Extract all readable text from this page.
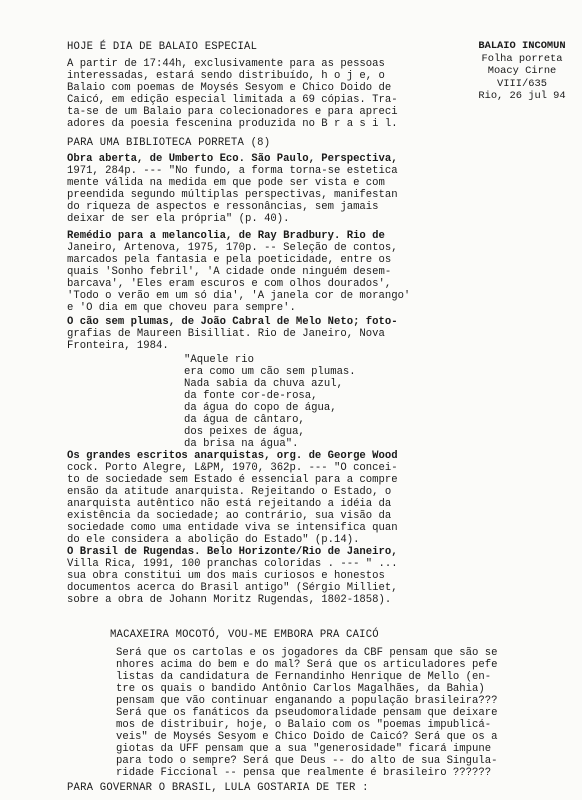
BALAIO INCOMUN
Folha porreta
Moacy Cirne
VIII/635
Rio, 26 jul 94
HOJE É DIA DE BALAIO ESPECIAL
A partir de 17:44h, exclusivamente para as pessoas
interessadas, estará sendo distribuído, h o j e, o
Balaio com poemas de Moysés Sesyom e Chico Doido de
Caicó, em edição especial limitada a 69 cópias. Tra-
ta-se de um Balaio para colecionadores e para apreci
adores da poesia fescenina produzida no B r a s i l.
PARA UMA BIBLIOTECA PORRETA (8)
Obra aberta, de Umberto Eco. São Paulo, Perspectiva,
1971, 284p. --- "No fundo, a forma torna-se estetica
mente válida na medida em que pode ser vista e com
preendida segundo múltiplas perspectivas, manifestan
do riqueza de aspectos e ressonâncias, sem jamais
deixar de ser ela própria" (p. 40).
Remédio para a melancolia, de Ray Bradbury. Rio de
Janeiro, Artenova, 1975, 170p. -- Seleção de contos,
marcados pela fantasia e pela poeticidade, entre os
quais 'Sonho febril', 'A cidade onde ninguém desem-
barcava', 'Eles eram escuros e com olhos dourados',
'Todo o verão em um só dia', 'A janela cor de morango'
e 'O dia em que choveu para sempre'.
O cão sem plumas, de João Cabral de Melo Neto; foto-
grafias de Maureen Bisilliat. Rio de Janeiro, Nova
Fronteira, 1984.
"Aquele rio
era como um cão sem plumas.
Nada sabia da chuva azul,
da fonte cor-de-rosa,
da água do copo de água,
da água de cântaro,
dos peixes de água,
da brisa na água".
Os grandes escritos anarquistas, org. de George Wood
cock. Porto Alegre, L&PM, 1970, 362p. --- "O concei-
to de sociedade sem Estado é essencial para a compre
ensão da atitude anarquista. Rejeitando o Estado, o
anarquista autêntico não está rejeitando a idéia da
existência da sociedade; ao contrário, sua visão da
sociedade como uma entidade viva se intensifica quan
do ele considera a abolição do Estado" (p.14).
O Brasil de Rugendas. Belo Horizonte/Rio de Janeiro,
Villa Rica, 1991, 100 pranchas coloridas . --- " ...
sua obra constitui um dos mais curiosos e honestos
documentos acerca do Brasil antigo" (Sérgio Milliet,
sobre a obra de Johann Moritz Rugendas, 1802-1858).
MACAXEIRA MOCOTÓ, VOU-ME EMBORA PRA CAICÓ
Será que os cartolas e os jogadores da CBF pensam que são se
nhores acima do bem e do mal? Será que os articuladores pefe
listas da candidatura de Fernandinho Henrique de Mello (en-
tre os quais o bandido Antônio Carlos Magalhães, da Bahia)
pensam que vão continuar enganando a população brasileira???
Será que os fanáticos da pseudomoralidade pensam que deixare
mos de distribuir, hoje, o Balaio com os "poemas impublicá-
veis" de Moysés Sesyom e Chico Doido de Caicó? Será que os a
giotas da UFF pensam que a sua "generosidade" ficará impune
para todo o sempre? Será que Deus -- do alto de sua Singula-
ridade Ficcional -- pensa que realmente é brasileiro ??????
PARA GOVERNAR O BRASIL, LULA GOSTARIA DE TER :
